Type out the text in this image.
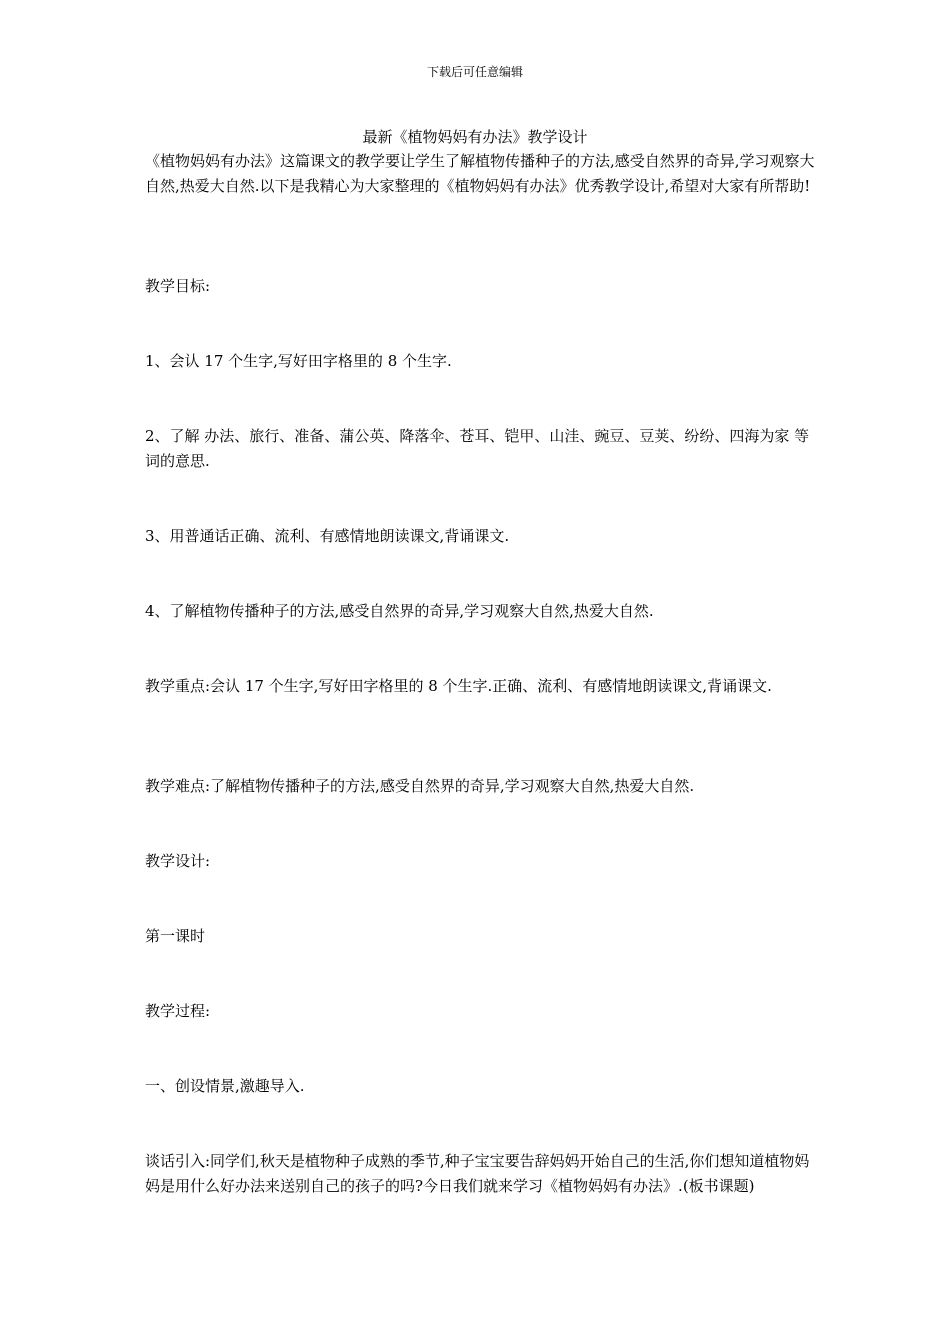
下载后可任意编辑
最新《植物妈妈有办法》教学设计

《植物妈妈有办法》这篇课文的教学要让学生了解植物传播种子的方法,感受自然界的奇异,学习观察大自然,热爱大自然.以下是我精心为大家整理的《植物妈妈有办法》优秀教学设计,希望对大家有所帮助!

教学目标:

1、会认 17 个生字,写好田字格里的 8 个生字.

2、了解 办法、旅行、准备、蒲公英、降落伞、苍耳、铠甲、山洼、豌豆、豆荚、纷纷、四海为家 等词的意思.

3、用普通话正确、流利、有感情地朗读课文,背诵课文.

4、了解植物传播种子的方法,感受自然界的奇异,学习观察大自然,热爱大自然.

教学重点:会认 17 个生字,写好田字格里的 8 个生字.正确、流利、有感情地朗读课文,背诵课文.

教学难点:了解植物传播种子的方法,感受自然界的奇异,学习观察大自然,热爱大自然.

教学设计:

第一课时

教学过程:

一、创设情景,激趣导入.

谈话引入:同学们,秋天是植物种子成熟的季节,种子宝宝要告辞妈妈开始自己的生活,你们想知道植物妈妈是用什么好办法来送别自己的孩子的吗?今日我们就来学习《植物妈妈有办法》.(板书课题)
